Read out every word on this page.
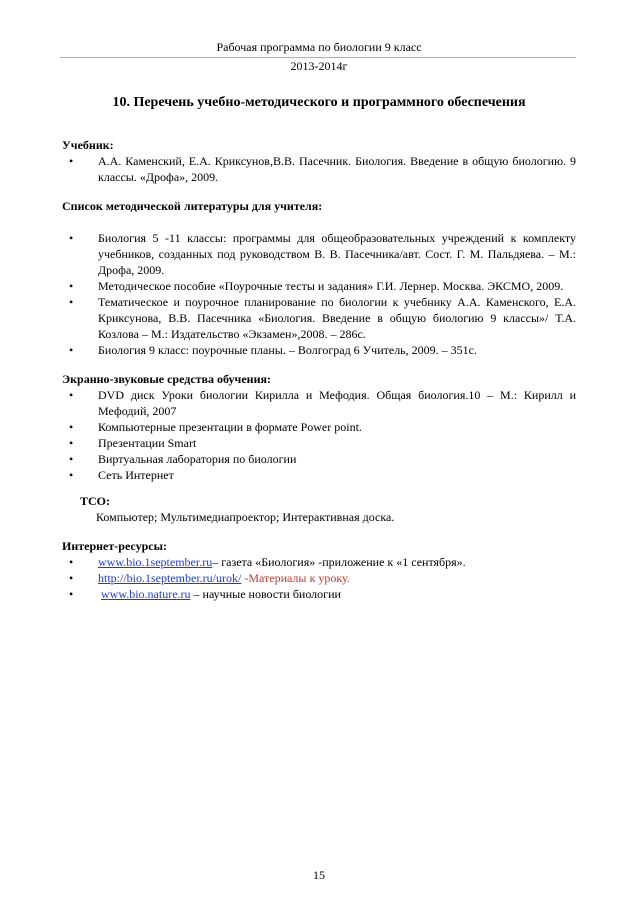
Рабочая программа по биологии 9 класс
2013-2014г
10. Перечень учебно-методического и программного обеспечения

Учебник:

• А.А. Каменский, Е.А. Криксунов,В.В. Пасечник. Биология. Введение в общую биологию. 9 классы. «Дрофа», 2009.

Список методической литературы для учителя:

• Биология 5 -11 классы: программы для общеобразовательных учреждений к комплекту учебников, созданных под руководством В. В. Пасечника/авт. Сост. Г. М. Пальдяева. – М.: Дрофа, 2009.
• Методическое пособие «Поурочные тесты и задания» Г.И. Лернер. Москва. ЭКСМО, 2009.
• Тематическое и поурочное планирование по биологии к учебнику А.А. Каменского, Е.А. Криксунова, В.В. Пасечника «Биология. Введение в общую биологию 9 классы»/ Т.А. Козлова – М.: Издательство «Экзамен»,2008. – 286с.
• Биология 9 класс: поурочные планы. – Волгоград 6 Учитель, 2009. – 351с.

Экранно-звуковые средства обучения:

• DVD диск Уроки биологии Кирилла и Мефодия. Общая биология.10 – М.: Кирилл и Мефодий, 2007
• Компьютерные презентации в формате Power point.
• Презентации Smart
• Виртуальная лаборатория по биологии
• Сеть Интернет
ТСО:
Компьютер; Мультимедиапроектор; Интерактивная доска.

Интернет-ресурсы:

• www.bio.1september.ru– газета «Биология» -приложение к «1 сентября».
• http://bio.1september.ru/urok/ -Материалы к уроку.
• www.bio.nature.ru – научные новости биологии
15
